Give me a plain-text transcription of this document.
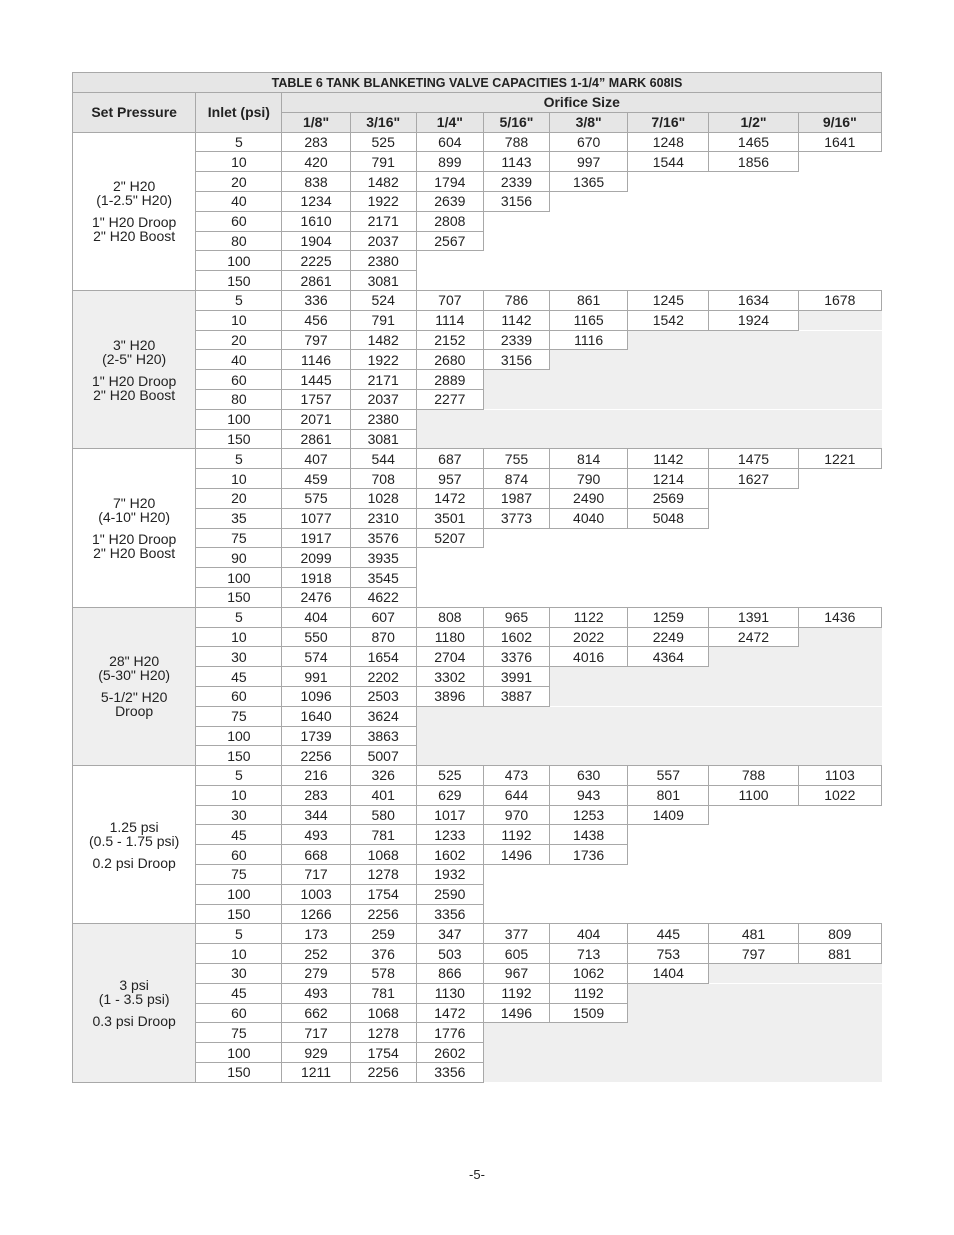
TABLE 6 TANK BLANKETING VALVE CAPACITIES 1-1/4” MARK 608IS									
Set Pressure	Inlet (psi)	Orifice Size							
		1/8"	3/16"	1/4"	5/16"	3/8"	7/16"	1/2"	9/16"

2" H20
(1-2.5" H20)
1" H20 Droop
2" H20 Boost	5	283	525	604	788	670	1248	1465	1641
	10	420	791	899	1143	997	1544	1856	
	20	838	1482	1794	2339	1365			
	40	1234	1922	2639	3156				
	60	1610	2171	2808					
	80	1904	2037	2567					
	100	2225	2380						
	150	2861	3081						

3" H20
(2-5" H20)
1" H20 Droop
2" H20 Boost	5	336	524	707	786	861	1245	1634	1678
	10	456	791	1114	1142	1165	1542	1924	
	20	797	1482	2152	2339	1116			
	40	1146	1922	2680	3156				
	60	1445	2171	2889					
	80	1757	2037	2277					
	100	2071	2380						
	150	2861	3081						

7" H20
(4-10" H20)
1" H20 Droop
2" H20 Boost	5	407	544	687	755	814	1142	1475	1221
	10	459	708	957	874	790	1214	1627	
	20	575	1028	1472	1987	2490	2569		
	35	1077	2310	3501	3773	4040	5048		
	75	1917	3576	5207					
	90	2099	3935						
	100	1918	3545						
	150	2476	4622						

28" H20
(5-30" H20)
5-1/2" H20
Droop	5	404	607	808	965	1122	1259	1391	1436
	10	550	870	1180	1602	2022	2249	2472	
	30	574	1654	2704	3376	4016	4364		
	45	991	2202	3302	3991				
	60	1096	2503	3896	3887				
	75	1640	3624						
	100	1739	3863						
	150	2256	5007						

1.25 psi
(0.5 - 1.75 psi)
0.2 psi Droop	5	216	326	525	473	630	557	788	1103
	10	283	401	629	644	943	801	1100	1022
	30	344	580	1017	970	1253	1409		
	45	493	781	1233	1192	1438			
	60	668	1068	1602	1496	1736			
	75	717	1278	1932					
	100	1003	1754	2590					
	150	1266	2256	3356					

3 psi
(1 - 3.5 psi)
0.3 psi Droop	5	173	259	347	377	404	445	481	809
	10	252	376	503	605	713	753	797	881
	30	279	578	866	967	1062	1404		
	45	493	781	1130	1192	1192			
	60	662	1068	1472	1496	1509			
	75	717	1278	1776					
	100	929	1754	2602					
	150	1211	2256	3356					
-5-
